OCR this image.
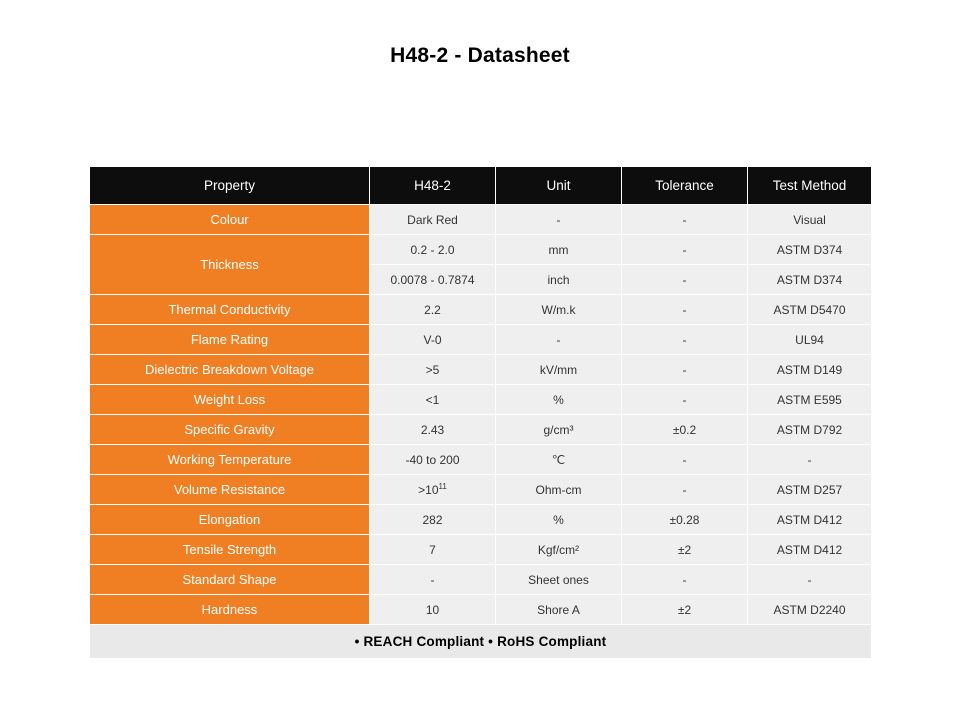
H48-2 - Datasheet
Property	H48-2	Unit	Tolerance	Test Method
Colour	Dark Red	-	-	Visual
Thickness	0.2 - 2.0	mm	-	ASTM D374
	0.0078 - 0.7874	inch	-	ASTM D374
Thermal Conductivity	2.2	W/m.k	-	ASTM D5470
Flame Rating	V-0	-	-	UL94
Dielectric Breakdown Voltage	>5	kV/mm	-	ASTM D149
Weight Loss	<1	%	-	ASTM E595
Specific Gravity	2.43	g/cm³	±0.2	ASTM D792
Working Temperature	-40 to 200	℃	-	-
Volume Resistance	$>10^{11}$	Ohm-cm	-	ASTM D257
Elongation	282	%	±0.28	ASTM D412
Tensile Strength	7	Kgf/cm²	±2	ASTM D412
Standard Shape	-	Sheet ones	-	-
Hardness	10	Shore A	±2	ASTM D2240
• REACH Compliant • RoHS Compliant				
